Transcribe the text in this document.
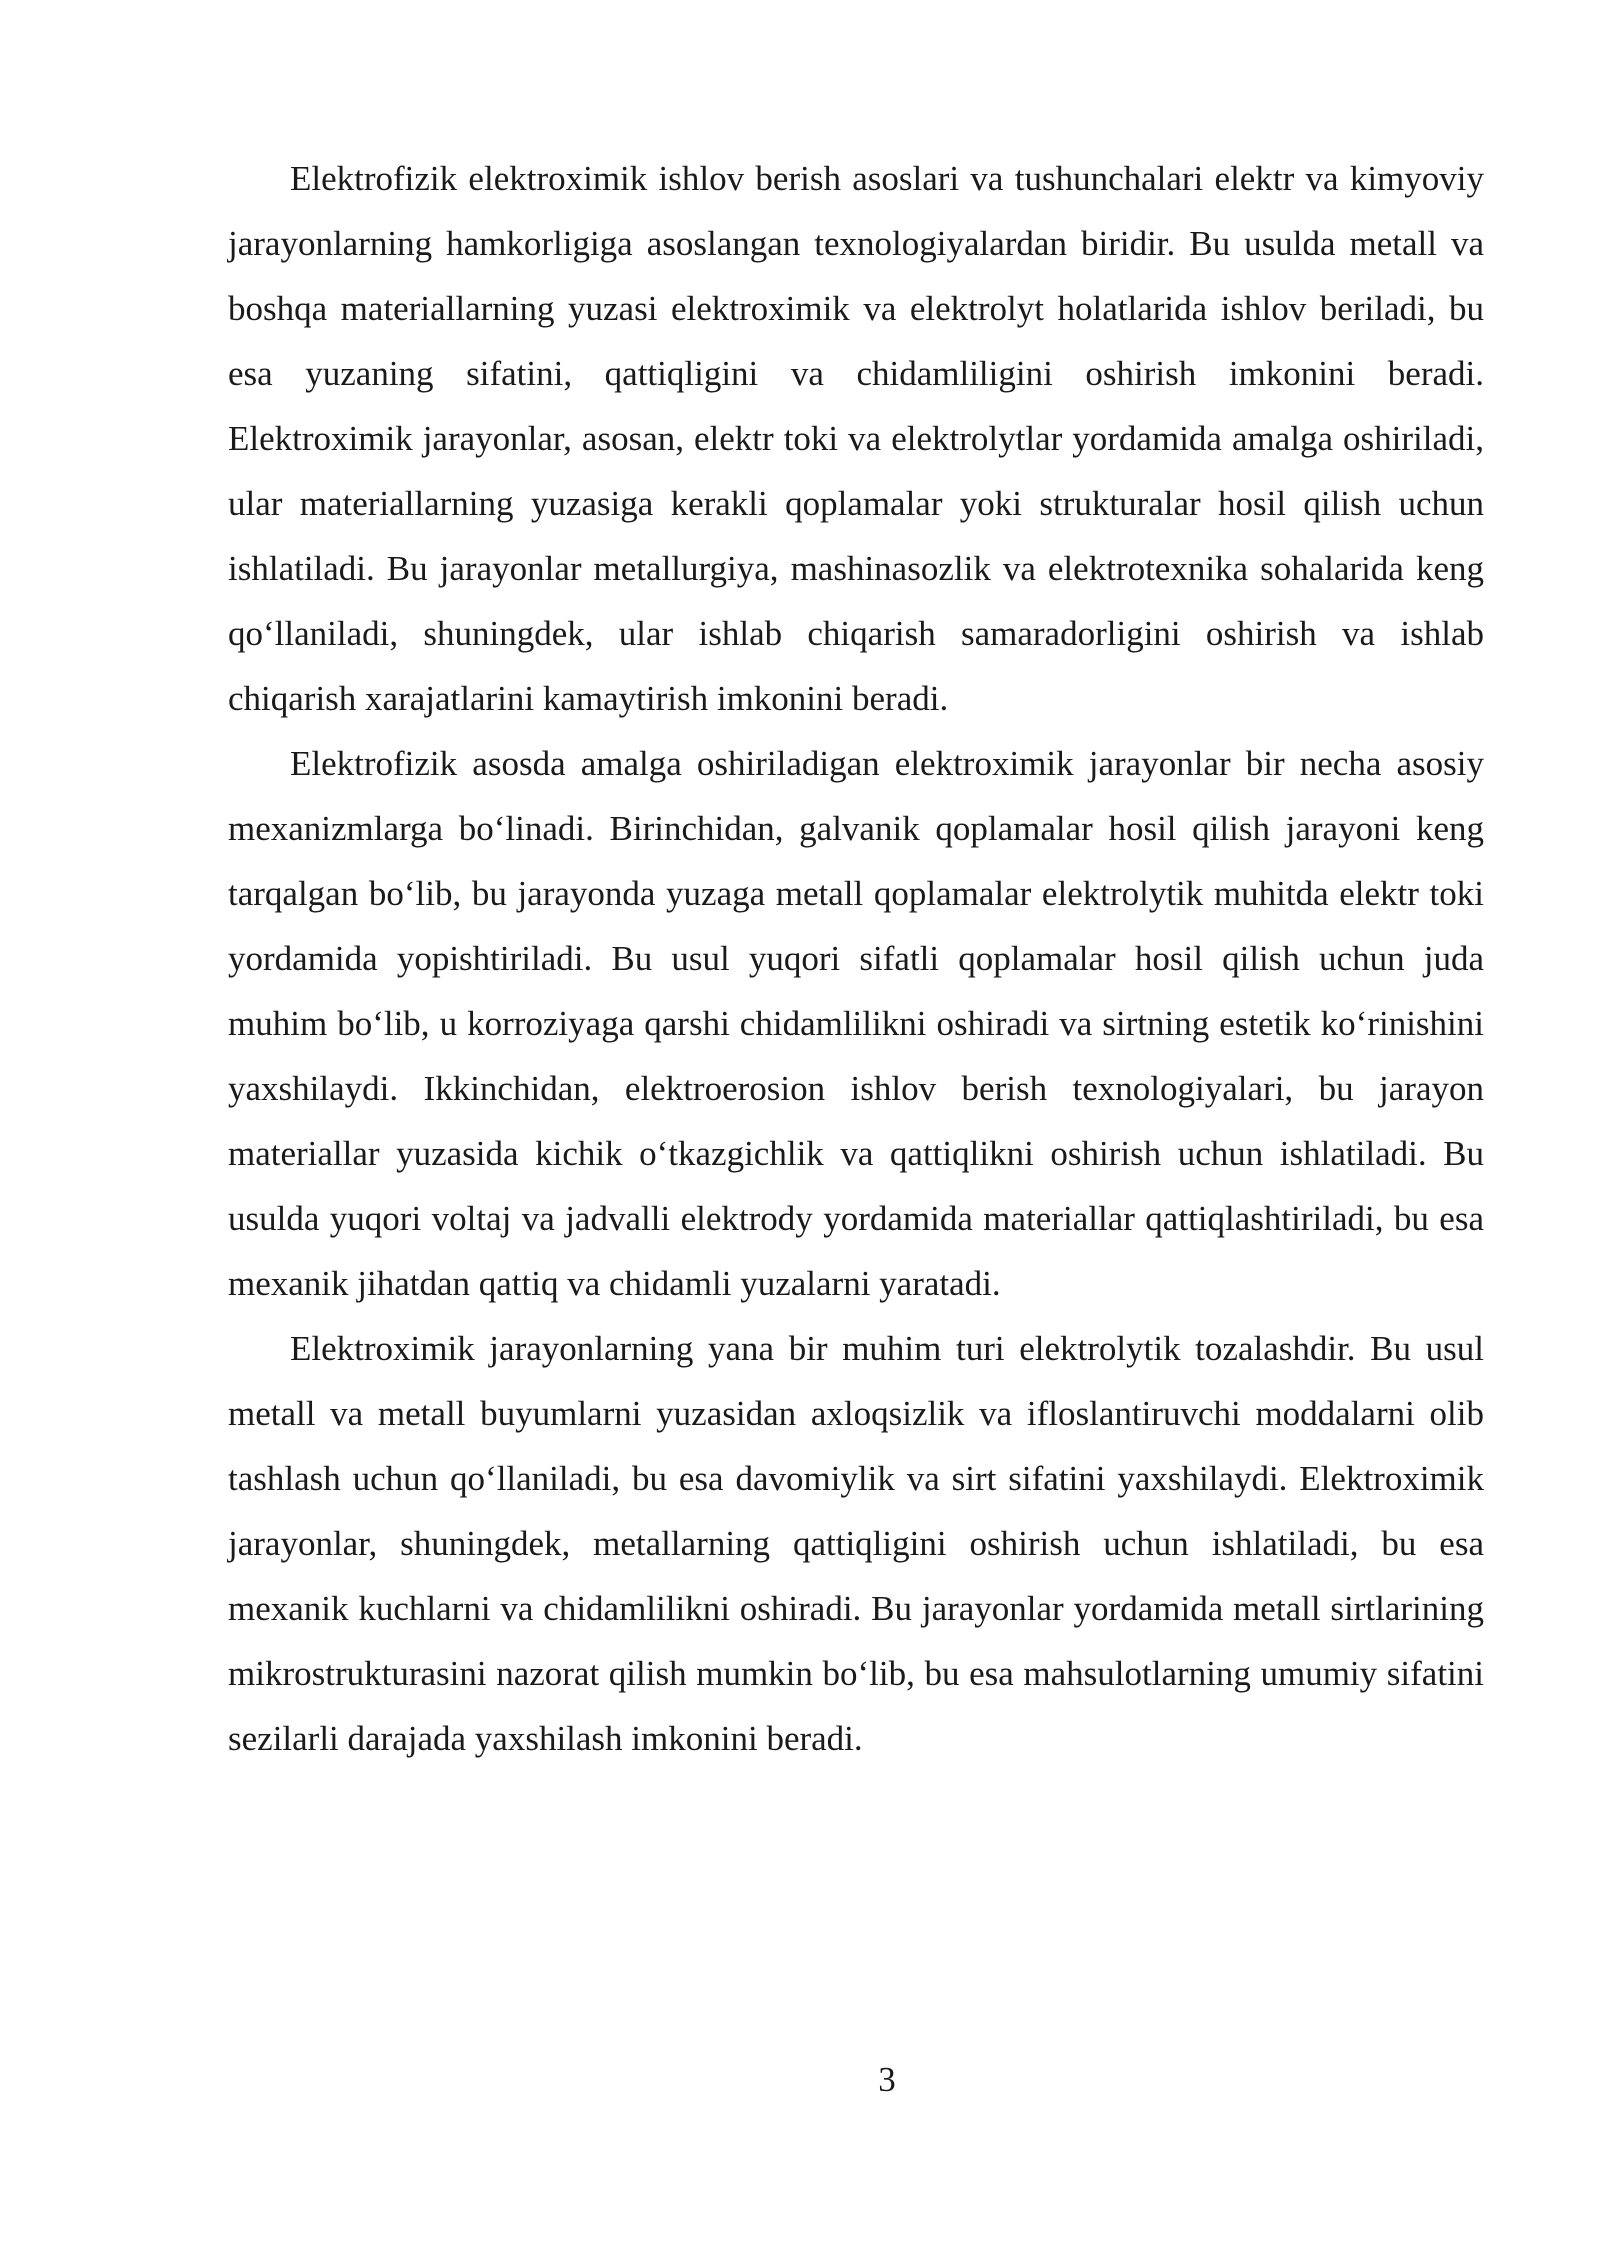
Elektrofizik elektroximik ishlov berish asoslari va tushunchalari elektr va kimyoviy jarayonlarning hamkorligiga asoslangan texnologiyalardan biridir. Bu usulda metall va boshqa materiallarning yuzasi elektroximik va elektrolyt holatlarida ishlov beriladi, bu esa yuzaning sifatini, qattiqligini va chidamliligini oshirish imkonini beradi. Elektroximik jarayonlar, asosan, elektr toki va elektrolytlar yordamida amalga oshiriladi, ular materiallarning yuzasiga kerakli qoplamalar yoki strukturalar hosil qilish uchun ishlatiladi. Bu jarayonlar metallurgiya, mashinasozlik va elektrotexnika sohalarida keng qo‘llaniladi, shuningdek, ular ishlab chiqarish samaradorligini oshirish va ishlab chiqarish xarajatlarini kamaytirish imkonini beradi.

Elektrofizik asosda amalga oshiriladigan elektroximik jarayonlar bir necha asosiy mexanizmlarga bo‘linadi. Birinchidan, galvanik qoplamalar hosil qilish jarayoni keng tarqalgan bo‘lib, bu jarayonda yuzaga metall qoplamalar elektrolytik muhitda elektr toki yordamida yopishtiriladi. Bu usul yuqori sifatli qoplamalar hosil qilish uchun juda muhim bo‘lib, u korroziyaga qarshi chidamlilikni oshiradi va sirtning estetik ko‘rinishini yaxshilaydi. Ikkinchidan, elektroerosion ishlov berish texnologiyalari, bu jarayon materiallar yuzasida kichik o‘tkazgichlik va qattiqlikni oshirish uchun ishlatiladi. Bu usulda yuqori voltaj va jadvalli elektrody yordamida materiallar qattiqlashtiriladi, bu esa mexanik jihatdan qattiq va chidamli yuzalarni yaratadi.

Elektroximik jarayonlarning yana bir muhim turi elektrolytik tozalashdir. Bu usul metall va metall buyumlarni yuzasidan axloqsizlik va ifloslantiruvchi moddalarni olib tashlash uchun qo‘llaniladi, bu esa davomiylik va sirt sifatini yaxshilaydi. Elektroximik jarayonlar, shuningdek, metallarning qattiqligini oshirish uchun ishlatiladi, bu esa mexanik kuchlarni va chidamlilikni oshiradi. Bu jarayonlar yordamida metall sirtlarining mikrostrukturasini nazorat qilish mumkin bo‘lib, bu esa mahsulotlarning umumiy sifatini sezilarli darajada yaxshilash imkonini beradi.

3
